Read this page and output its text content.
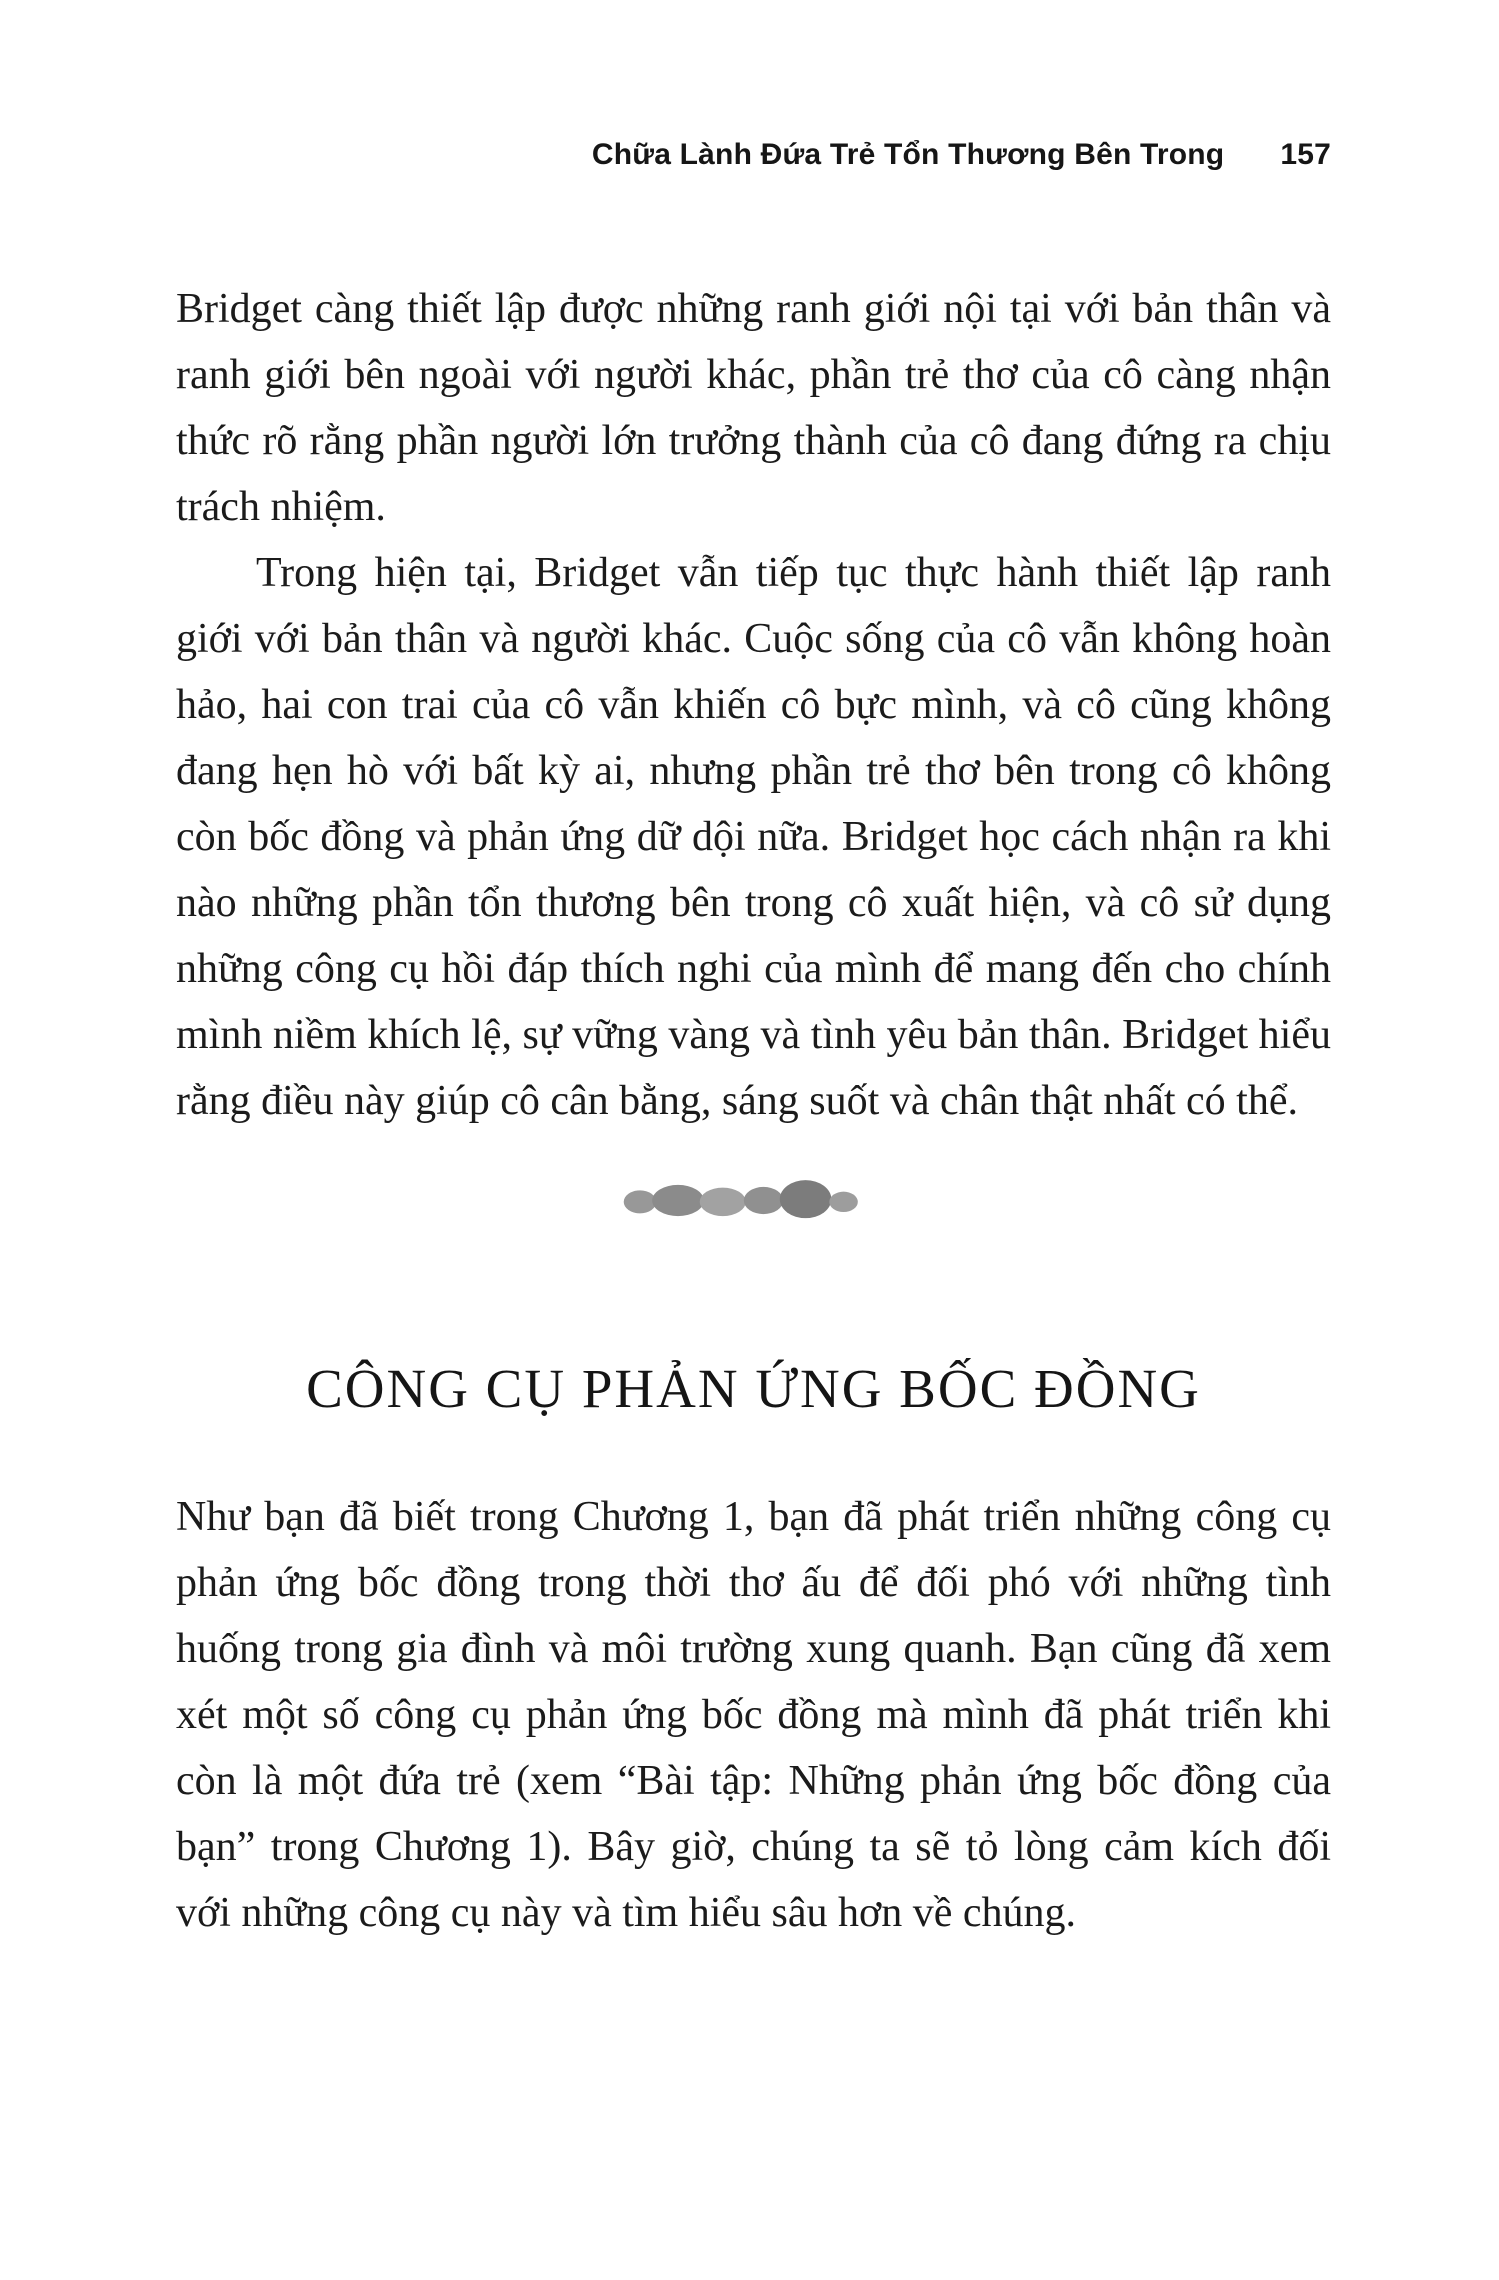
Chữa Lành Đứa Trẻ Tổn Thương Bên Trong 157

Bridget càng thiết lập được những ranh giới nội tại với bản thân và ranh giới bên ngoài với người khác, phần trẻ thơ của cô càng nhận thức rõ rằng phần người lớn trưởng thành của cô đang đứng ra chịu trách nhiệm.

Trong hiện tại, Bridget vẫn tiếp tục thực hành thiết lập ranh giới với bản thân và người khác. Cuộc sống của cô vẫn không hoàn hảo, hai con trai của cô vẫn khiến cô bực mình, và cô cũng không đang hẹn hò với bất kỳ ai, nhưng phần trẻ thơ bên trong cô không còn bốc đồng và phản ứng dữ dội nữa. Bridget học cách nhận ra khi nào những phần tổn thương bên trong cô xuất hiện, và cô sử dụng những công cụ hồi đáp thích nghi của mình để mang đến cho chính mình niềm khích lệ, sự vững vàng và tình yêu bản thân. Bridget hiểu rằng điều này giúp cô cân bằng, sáng suốt và chân thật nhất có thể.

CÔNG CỤ PHẢN ỨNG BỐC ĐỒNG

Như bạn đã biết trong Chương 1, bạn đã phát triển những công cụ phản ứng bốc đồng trong thời thơ ấu để đối phó với những tình huống trong gia đình và môi trường xung quanh. Bạn cũng đã xem xét một số công cụ phản ứng bốc đồng mà mình đã phát triển khi còn là một đứa trẻ (xem “Bài tập: Những phản ứng bốc đồng của bạn” trong Chương 1). Bây giờ, chúng ta sẽ tỏ lòng cảm kích đối với những công cụ này và tìm hiểu sâu hơn về chúng.
